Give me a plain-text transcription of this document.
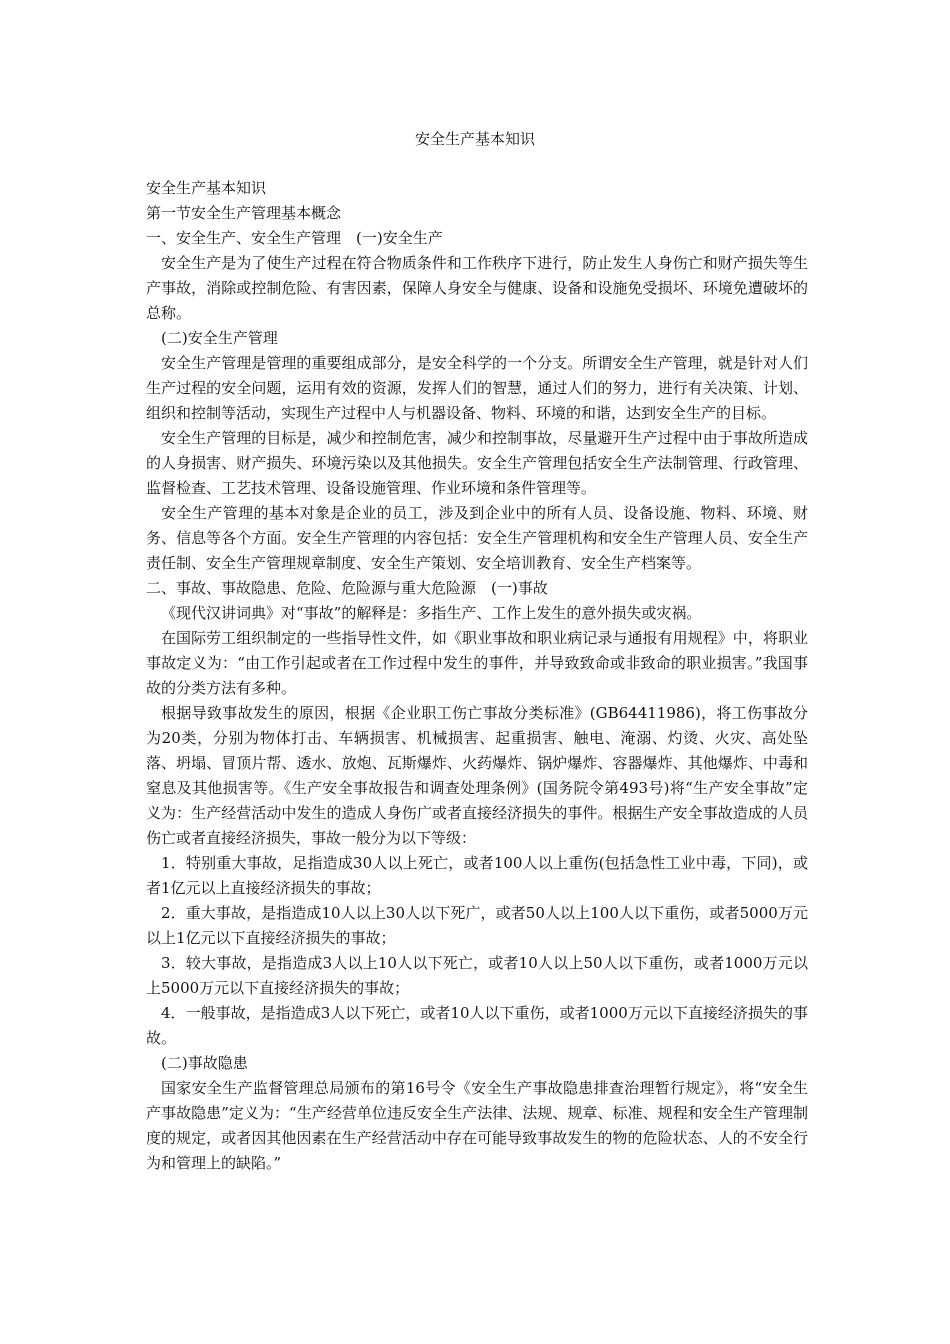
安全生产基本知识

安全生产基本知识

第一节安全生产管理基本概念

一、安全生产、安全生产管理　(一)安全生产

安全生产是为了使生产过程在符合物质条件和工作秩序下进行，防止发生人身伤亡和财产损失等生产事故，消除或控制危险、有害因素，保障人身安全与健康、设备和设施免受损坏、环境免遭破坏的总称。

(二)安全生产管理

安全生产管理是管理的重要组成部分，是安全科学的一个分支。所谓安全生产管理，就是针对人们生产过程的安全问题，运用有效的资源，发挥人们的智慧，通过人们的努力，进行有关决策、计划、组织和控制等活动，实现生产过程中人与机器设备、物料、环境的和谐，达到安全生产的目标。

安全生产管理的目标是，减少和控制危害，减少和控制事故，尽量避开生产过程中由于事故所造成的人身损害、财产损失、环境污染以及其他损失。安全生产管理包括安全生产法制管理、行政管理、监督检查、工艺技术管理、设备设施管理、作业环境和条件管理等。

安全生产管理的基本对象是企业的员工，涉及到企业中的所有人员、设备设施、物料、环境、财务、信息等各个方面。安全生产管理的内容包括：安全生产管理机构和安全生产管理人员、安全生产责任制、安全生产管理规章制度、安全生产策划、安全培训教育、安全生产档案等。

二、事故、事故隐患、危险、危险源与重大危险源　(一)事故

《现代汉讲词典》对“事故”的解释是：多指生产、工作上发生的意外损失或灾祸。

在国际劳工组织制定的一些指导性文件，如《职业事故和职业病记录与通报有用规程》中，将职业事故定义为：“由工作引起或者在工作过程中发生的事件，并导致致命或非致命的职业损害。”我国事故的分类方法有多种。

根据导致事故发生的原因，根据《企业职工伤亡事故分类标准》(GB64411986)，将工伤事故分为20类，分别为物体打击、车辆损害、机械损害、起重损害、触电、淹溺、灼烫、火灾、高处坠落、坍塌、冒顶片帮、透水、放炮、瓦斯爆炸、火药爆炸、锅炉爆炸、容器爆炸、其他爆炸、中毒和窒息及其他损害等。《生产安全事故报告和调查处理条例》(国务院令第493号)将“生产安全事故”定义为：生产经营活动中发生的造成人身伤广或者直接经济损失的事件。根据生产安全事故造成的人员伤亡或者直接经济损失，事故一般分为以下等级：

1．特别重大事故，足指造成30人以上死亡，或者100人以上重伤(包括急性工业中毒，下同)，或者1亿元以上直接经济损失的事故；

2．重大事故，是指造成10人以上30人以下死广，或者50人以上100人以下重伤，或者5000万元以上1亿元以下直接经济损失的事故；

3．较大事故，是指造成3人以上10人以下死亡，或者10人以上50人以下重伤，或者1000万元以上5000万元以下直接经济损失的事故；

4．一般事故，是指造成3人以下死亡，或者10人以下重伤，或者1000万元以下直接经济损失的事故。

(二)事故隐患

国家安全生产监督管理总局颁布的第16号令《安全生产事故隐患排查治理暂行规定》，将“安全生产事故隐患”定义为：“生产经营单位违反安全生产法律、法规、规章、标准、规程和安全生产管理制度的规定，或者因其他因素在生产经营活动中存在可能导致事故发生的物的危险状态、人的不安全行为和管理上的缺陷。”
